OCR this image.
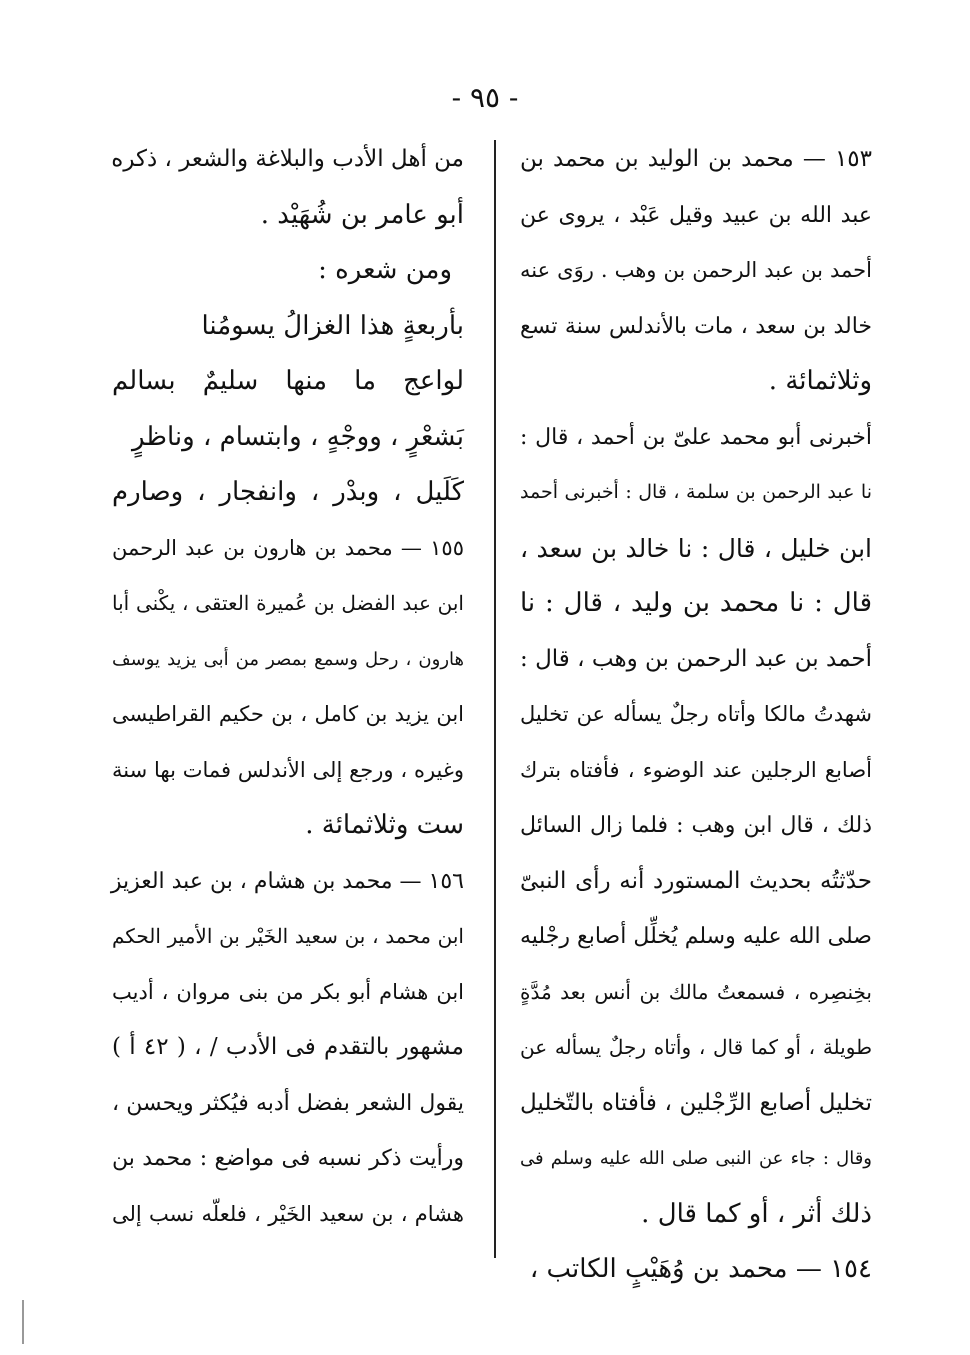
- ٩٥ -
١٥٣ — محمد بن الوليد بن محمد بن
عبد الله بن عبيد وقيل عَبْد ، يروى عن
أحمد بن عبد الرحمن بن وهب . روَى عنه
خالد بن سعد ، مات بالأندلس سنة تسع
وثلاثمائة .
أخبرنى أبو محمد علىّ بن أحمد ، قال :
نا عبد الرحمن بن سلمة ، قال : أخبرنى أحمد
ابن خليل ، قال : نا خالد بن سعد ،
قال : نا محمد بن وليد ، قال : نا
أحمد بن عبد الرحمن بن وهب ، قال :
شهدتُ مالكا وأتاه رجلٌ يسأله عن تخليل
أصابع الرجلين عند الوضوء ، فأفتاه بترك
ذلك ، قال ابن وهب : فلما زال السائل
حدّثتُه بحديث المستورد أنه رأى النبىّ
صلى الله عليه وسلم يُخلِّل أصابع رجْليه
بخِنصِره ، فسمعتُ مالك بن أنس بعد مُدَّةٍ
طويلة ، أو كما قال ، وأتاه رجلٌ يسأله عن
تخليل أصابع الرِّجْلين ، فأفتاه بالتّخليل
وقال : جاء عن النبى صلى الله عليه وسلم فى
ذلك أثر ، أو كما قال .
١٥٤ — محمد بن وُهَيْبٍ الكاتب ،
من أهل الأدب والبلاغة والشعر ، ذكره
أبو عامر بن شُهَيْد .
ومن شعره :
بأربعةٍ هذا الغزالُ يسومُنا
لواعج ما منها سليمٌ بسالم
بَشعْرٍ ، ووجْهٍ ، وابتسام ، وناظرٍ
كَلَيل ، وبدْر ، وانفجار ، وصارم
١٥٥ — محمد بن هارون بن عبد الرحمن
ابن عبد الفضل بن عُميرة العتقى ، يكْنى أبا
هارون ، رحل وسمع بمصر من أبى يزيد يوسف
ابن يزيد بن كامل ، بن حكيم القراطيسى
وغيره ، ورجع إلى الأندلس فمات بها سنة
ست وثلاثمائة .
١٥٦ — محمد بن هشام ، بن عبد العزيز
ابن محمد ، بن سعيد الخَيْر بن الأمير الحكم
ابن هشام أبو بكر من بنى مروان ، أديب
مشهور بالتقدم فى الأدب / ، ( ٤٢ أ )
يقول الشعر بفضل أدبه فيُكثر ويحسن ،
ورأيت ذكر نسبه فى مواضع : محمد بن
هشام ، بن سعيد الخَيْر ، فلعلّه نسب إلى
